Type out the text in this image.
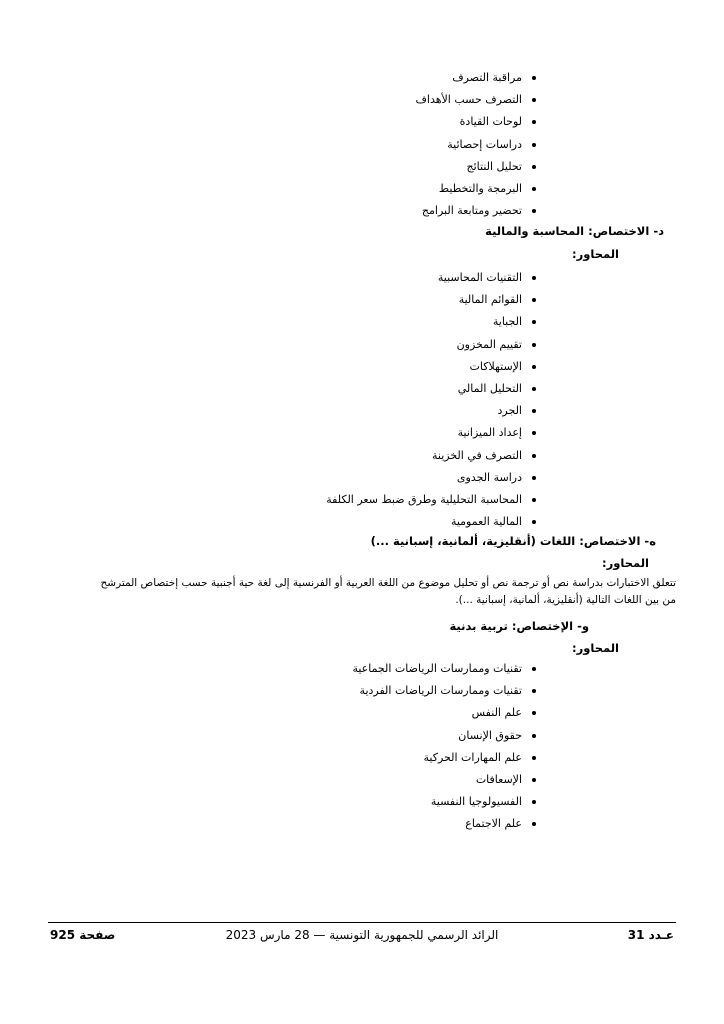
مراقبة التصرف
التصرف حسب الأهداف
لوحات القيادة
دراسات إحصائية
تحليل النتائج
البرمجة والتخطيط
تحضير ومتابعة البرامج
د- الاختصاص: المحاسبة والمالية
المحاور:
التقنيات المحاسبية
القوائم المالية
الجباية
تقييم المخزون
الإستهلاكات
التحليل المالي
الجرد
إعداد الميزانية
التصرف في الخزينة
دراسة الجدوى
المحاسبة التحليلية وطرق ضبط سعر الكلفة
المالية العمومية
ه- الاختصاص: اللغات (أنقليزية، ألمانية، إسبانية ...)
المحاور:
تتعلق الاختبارات بدراسة نص أو ترجمة نص أو تحليل موضوع من اللغة العربية أو الفرنسية إلى لغة حية أجنبية حسب إختصاص المترشح
من بين اللغات التالية (أنقليزية، ألمانية، إسبانية ...).
و- الإختصاص: تربية بدنية
المحاور:
تقنيات وممارسات الرياضات الجماعية
تقنيات وممارسات الرياضات الفردية
علم النفس
حقوق الإنسان
علم المهارات الحركية
الإسعافات
الفسيولوجيا النفسية
علم الاجتماع
عـدد 31
الرائد الرسمي للجمهورية التونسية — 28 مارس 2023
صفحة 925
